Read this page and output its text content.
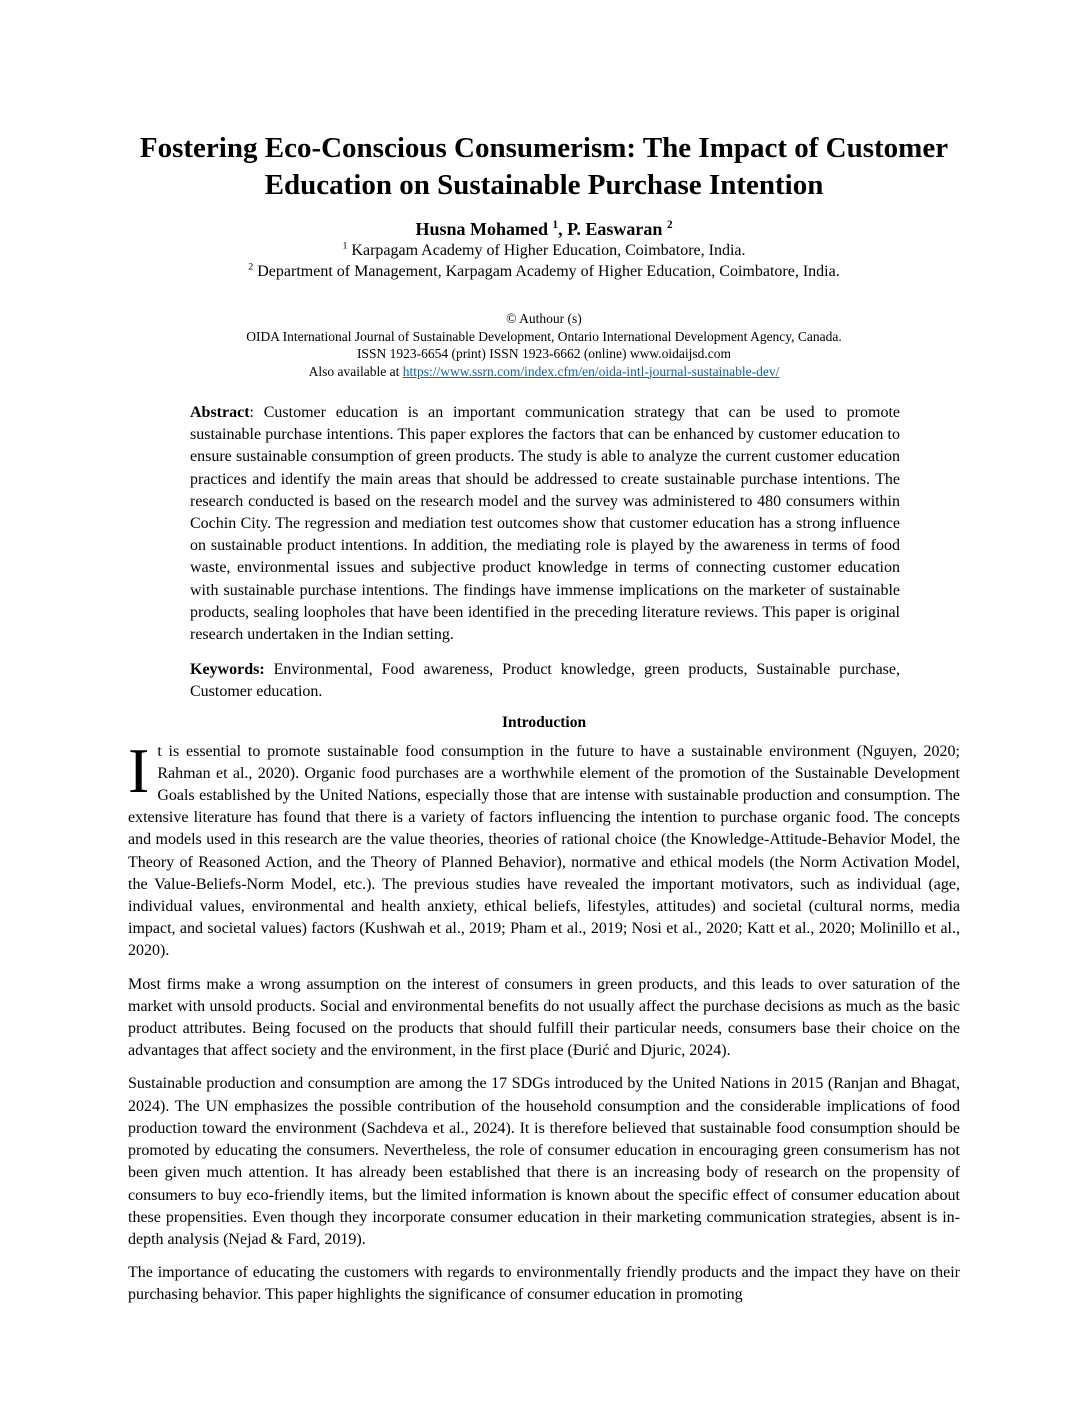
Fostering Eco-Conscious Consumerism: The Impact of Customer Education on Sustainable Purchase Intention
Husna Mohamed $^1$, P. Easwaran $^2$
$^1$ Karpagam Academy of Higher Education, Coimbatore, India.
$^2$ Department of Management, Karpagam Academy of Higher Education, Coimbatore, India.
© Authour (s)
OIDA International Journal of Sustainable Development, Ontario International Development Agency, Canada.
ISSN 1923-6654 (print) ISSN 1923-6662 (online) www.oidaijsd.com
Also available at https://www.ssrn.com/index.cfm/en/oida-intl-journal-sustainable-dev/

Abstract: Customer education is an important communication strategy that can be used to promote sustainable purchase intentions. This paper explores the factors that can be enhanced by customer education to ensure sustainable consumption of green products. The study is able to analyze the current customer education practices and identify the main areas that should be addressed to create sustainable purchase intentions. The research conducted is based on the research model and the survey was administered to 480 consumers within Cochin City. The regression and mediation test outcomes show that customer education has a strong influence on sustainable product intentions. In addition, the mediating role is played by the awareness in terms of food waste, environmental issues and subjective product knowledge in terms of connecting customer education with sustainable purchase intentions. The findings have immense implications on the marketer of sustainable products, sealing loopholes that have been identified in the preceding literature reviews. This paper is original research undertaken in the Indian setting.

Keywords: Environmental, Food awareness, Product knowledge, green products, Sustainable purchase, Customer education.

Introduction

It is essential to promote sustainable food consumption in the future to have a sustainable environment (Nguyen, 2020; Rahman et al., 2020). Organic food purchases are a worthwhile element of the promotion of the Sustainable Development Goals established by the United Nations, especially those that are intense with sustainable production and consumption. The extensive literature has found that there is a variety of factors influencing the intention to purchase organic food. The concepts and models used in this research are the value theories, theories of rational choice (the Knowledge-Attitude-Behavior Model, the Theory of Reasoned Action, and the Theory of Planned Behavior), normative and ethical models (the Norm Activation Model, the Value-Beliefs-Norm Model, etc.). The previous studies have revealed the important motivators, such as individual (age, individual values, environmental and health anxiety, ethical beliefs, lifestyles, attitudes) and societal (cultural norms, media impact, and societal values) factors (Kushwah et al., 2019; Pham et al., 2019; Nosi et al., 2020; Katt et al., 2020; Molinillo et al., 2020).

Most firms make a wrong assumption on the interest of consumers in green products, and this leads to over saturation of the market with unsold products. Social and environmental benefits do not usually affect the purchase decisions as much as the basic product attributes. Being focused on the products that should fulfill their particular needs, consumers base their choice on the advantages that affect society and the environment, in the first place (Đurić and Djuric, 2024).

Sustainable production and consumption are among the 17 SDGs introduced by the United Nations in 2015 (Ranjan and Bhagat, 2024). The UN emphasizes the possible contribution of the household consumption and the considerable implications of food production toward the environment (Sachdeva et al., 2024). It is therefore believed that sustainable food consumption should be promoted by educating the consumers. Nevertheless, the role of consumer education in encouraging green consumerism has not been given much attention. It has already been established that there is an increasing body of research on the propensity of consumers to buy eco-friendly items, but the limited information is known about the specific effect of consumer education about these propensities. Even though they incorporate consumer education in their marketing communication strategies, absent is in-depth analysis (Nejad & Fard, 2019).

The importance of educating the customers with regards to environmentally friendly products and the impact they have on their purchasing behavior. This paper highlights the significance of consumer education in promoting
